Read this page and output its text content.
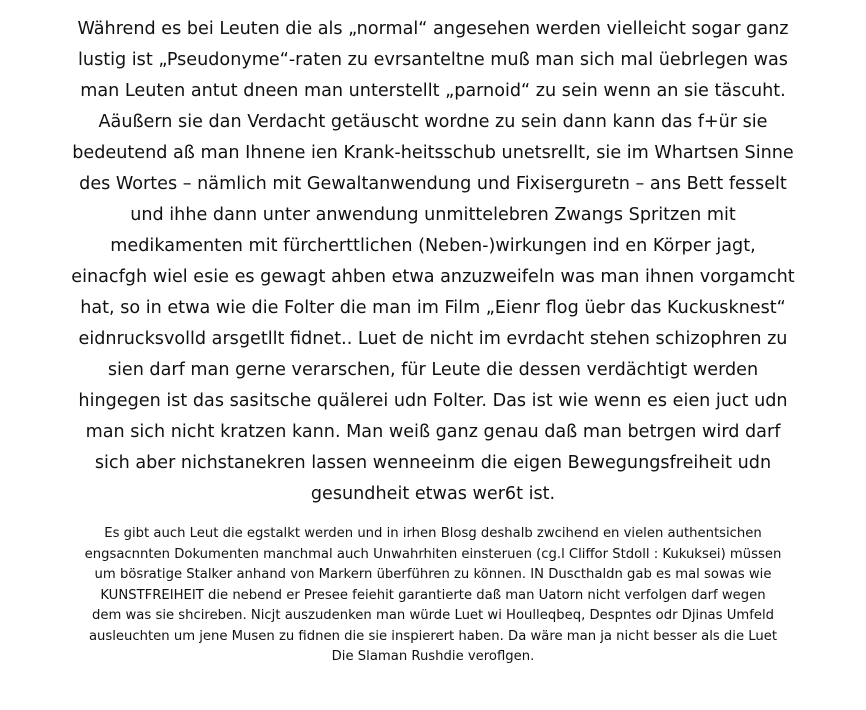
Während es bei Leuten die als „normal“ angesehen werden vielleicht sogar ganz
lustig ist „Pseudonyme“-raten zu evrsanteltne muß man sich mal üebrlegen was
man Leuten antut dneen man unterstellt „parnoid“ zu sein wenn an sie täscuht.
Aäußern sie dan Verdacht getäuscht wordne zu sein dann kann das f+ür sie
bedeutend aß man Ihnene ien Krank-heitsschub unetsrellt, sie im Whartsen Sinne
des Wortes – nämlich mit Gewaltanwendung und Fixiserguretn – ans Bett fesselt
und ihhe dann unter anwendung unmittelebren Zwangs Spritzen mit
medikamenten mit fürcherttlichen (Neben-)wirkungen ind en Körper jagt,
einacfgh wiel esie es gewagt ahben etwa anzuzweifeln was man ihnen vorgamcht
hat, so in etwa wie die Folter die man im Film „Eienr flog üebr das Kuckusknest“
eidnrucksvolld arsgetllt fidnet.. Luet de nicht im evrdacht stehen schizophren zu
sien darf man gerne verarschen, für Leute die dessen verdächtigt werden
hingegen ist das sasitsche quälerei udn Folter. Das ist wie wenn es eien juct udn
man sich nicht kratzen kann. Man weiß ganz genau daß man betrgen wird darf
sich aber nichstanekren lassen wenneeinm die eigen Bewegungsfreiheit udn
gesundheit etwas wer6t ist.

Es gibt auch Leut die egstalkt werden und in irhen Blosg deshalb zwcihend en vielen authentsichen
engsacnnten Dokumenten manchmal auch Unwahrhiten einsteruen (cg.l Cliffor Stdoll : Kukuksei) müssen
um bösratige Stalker anhand von Markern überführen zu können. IN Duscthaldn gab es mal sowas wie
KUNSTFREIHEIT die nebend er Presee feiehit garantierte daß man Uatorn nicht verfolgen darf wegen
dem was sie shcireben. Nicjt auszudenken man würde Luet wi Houlleqbeq, Despntes odr Djinas Umfeld
ausleuchten um jene Musen zu fidnen die sie inspierert haben. Da wäre man ja nicht besser als die Luet
Die Slaman Rushdie veroflgen.
